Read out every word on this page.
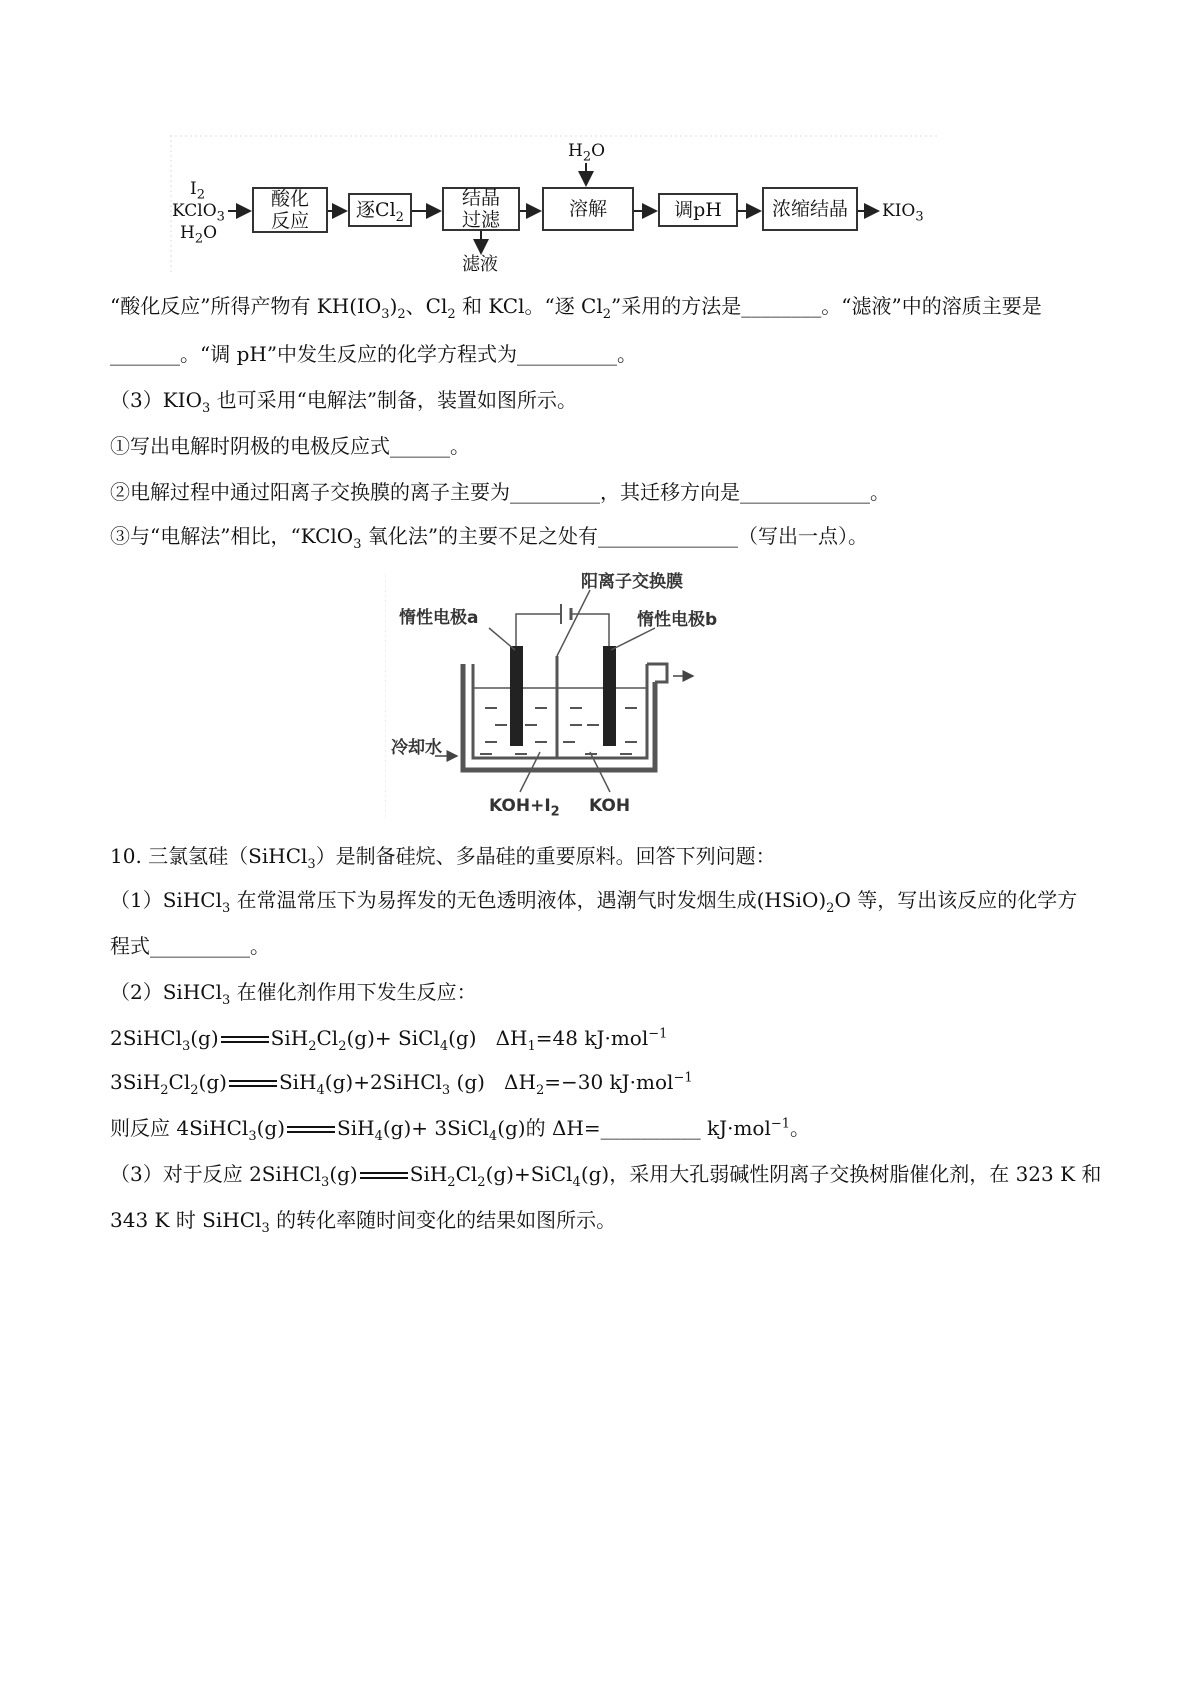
$I_2$
KClO$_3$
$H_2O$
酸化
反应 逐$Cl_2$
结晶
过滤	溶解	调pH	浓缩结晶
$H_2O$
滤液
$KIO_3$
“酸化反应”所得产物有 $KH(IO_3)_2$、$Cl_2$ 和 KCl。“逐 $Cl_2$”采用的方法是________。“滤液”中的溶质主要是
_______。“调 pH”中发生反应的化学方程式为__________。
$(3)KIO_3$ 也可采用“电解法”制备，装置如图所示。
①写出电解时阴极的电极反应式______。
②电解过程中通过阳离子交换膜的离子主要为_________，其迁移方向是_____________。
③与“电解法”相比，“KClO$_3$ 氧化法”的主要不足之处有______________（写出一点）。
阳离子交换膜
惰性电极a	惰性电极b
冷却水
$KOH+I_2$ KOH
10. 三氯氢硅（SiHCl$_3$）是制备硅烷、多晶硅的重要原料。回答下列问题：
（1）SiHCl$_3$ 在常温常压下为易挥发的无色透明液体，遇潮气时发烟生成$(HSiO)_2O$ 等，写出该反应的化学方
程式__________。
（2）SiHCl$_3$ 在催化剂作用下发生反应：
2SiHCl$_3$(g)	$SiH_2Cl_2(g)+$ SiCl$_4$(g) $\Delta H_1=48$ kJ·mol$^{-1}$
$3SiH_2Cl_2(g)$	SiH$_4$(g)+2SiHCl$_3$ (g) $\Delta H_2=-30$ kJ·mol$^{-1}$
则反应 4SiHCl$_3$(g)	SiH$_4$(g)+ 3SiCl$_4$(g)的 ΔH=__________ kJ·mol$^{-1}$。
（3）对于反应 2SiHCl$_3$(g)	$SiH_2Cl_2(g)+SiCl_4(g)$，采用大孔弱碱性阴离子交换树脂催化剂，在 323 K 和
343 K 时 SiHCl$_3$ 的转化率随时间变化的结果如图所示。
